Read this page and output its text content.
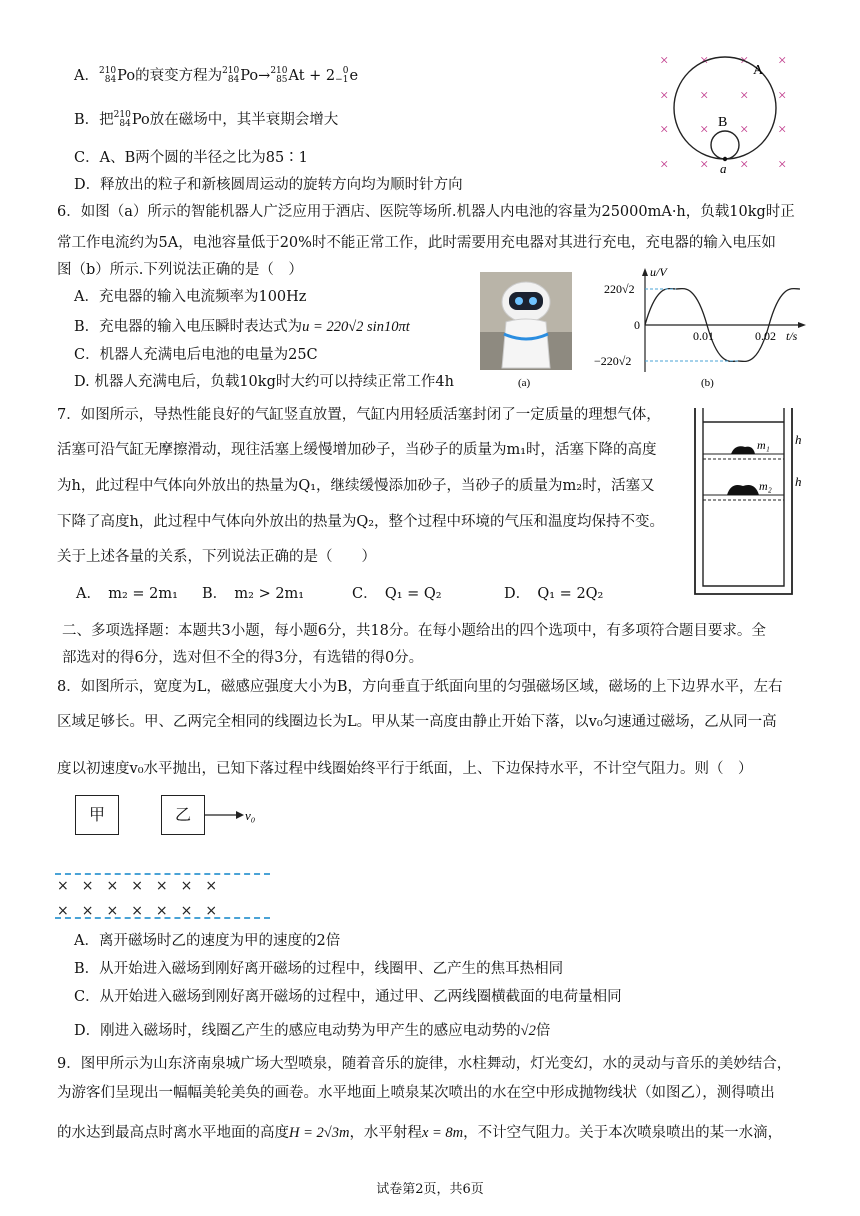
A．210
84Po的衰变方程为210
84Po→210
85At + 2 0
−1e
B．把210
84Po放在磁场中，其半衰期会增大
C．A、B两个圆的半径之比为85∶1
D．释放出的粒子和新核圆周运动的旋转方向均为顺时针方向
× × × ×
× × × ×
× × × ×
× × × ×
A
B
a
6．如图（a）所示的智能机器人广泛应用于酒店、医院等场所.机器人内电池的容量为25000mA·h，负载10kg时正
常工作电流约为5A，电池容量低于20%时不能正常工作，此时需要用充电器对其进行充电，充电器的输入电压如
图（b）所示.下列说法正确的是（　）
A．充电器的输入电流频率为100Hz
B．充电器的输入电压瞬时表达式为u = 220√2 sin10πt
C．机器人充满电后电池的电量为25C
D. 机器人充满电后，负载10kg时大约可以持续正常工作4h	(a)
u/V
t/s
220√2
−220√2
0
0.01	0.02
(b)
7．如图所示，导热性能良好的气缸竖直放置，气缸内用轻质活塞封闭了一定质量的理想气体，
活塞可沿气缸无摩擦滑动，现往活塞上缓慢增加砂子，当砂子的质量为m₁时，活塞下降的高度
为h，此过程中气体向外放出的热量为Q₁，继续缓慢添加砂子，当砂子的质量为m₂时，活塞又
下降了高度h，此过程中气体向外放出的热量为Q₂，整个过程中环境的气压和温度均保持不变。
关于上述各量的关系，下列说法正确的是（　　）
A．　m₂ = 2m₁ B．　m₂ > 2m₁	C．　Q₁ = Q₂	D．　Q₁ = 2Q₂
m₁
m₂
h
h
二、多项选择题：本题共3小题，每小题6分，共18分。在每小题给出的四个选项中，有多项符合题目要求。全
部选对的得6分，选对但不全的得3分，有选错的得0分。
8．如图所示，宽度为L，磁感应强度大小为B，方向垂直于纸面向里的匀强磁场区域，磁场的上下边界水平，左右
区域足够长。甲、乙两完全相同的线圈边长为L。甲从某一高度由静止开始下落，以v₀匀速通过磁场，乙从同一高
度以初速度v₀水平抛出，已知下落过程中线圈始终平行于纸面，上、下边保持水平，不计空气阻力。则（　）
甲	乙	v₀
×××××××
×××××××
A．离开磁场时乙的速度为甲的速度的2倍
B．从开始进入磁场到刚好离开磁场的过程中，线圈甲、乙产生的焦耳热相同
C．从开始进入磁场到刚好离开磁场的过程中，通过甲、乙两线圈横截面的电荷量相同
D．刚进入磁场时，线圈乙产生的感应电动势为甲产生的感应电动势的√2倍
9．图甲所示为山东济南泉城广场大型喷泉，随着音乐的旋律，水柱舞动，灯光变幻，水的灵动与音乐的美妙结合，
为游客们呈现出一幅幅美轮美奂的画卷。水平地面上喷泉某次喷出的水在空中形成抛物线状（如图乙），测得喷出
的水达到最高点时离水平地面的高度H = 2√3m，水平射程x = 8m，不计空气阻力。关于本次喷泉喷出的某一水滴，
试卷第2页，共6页
